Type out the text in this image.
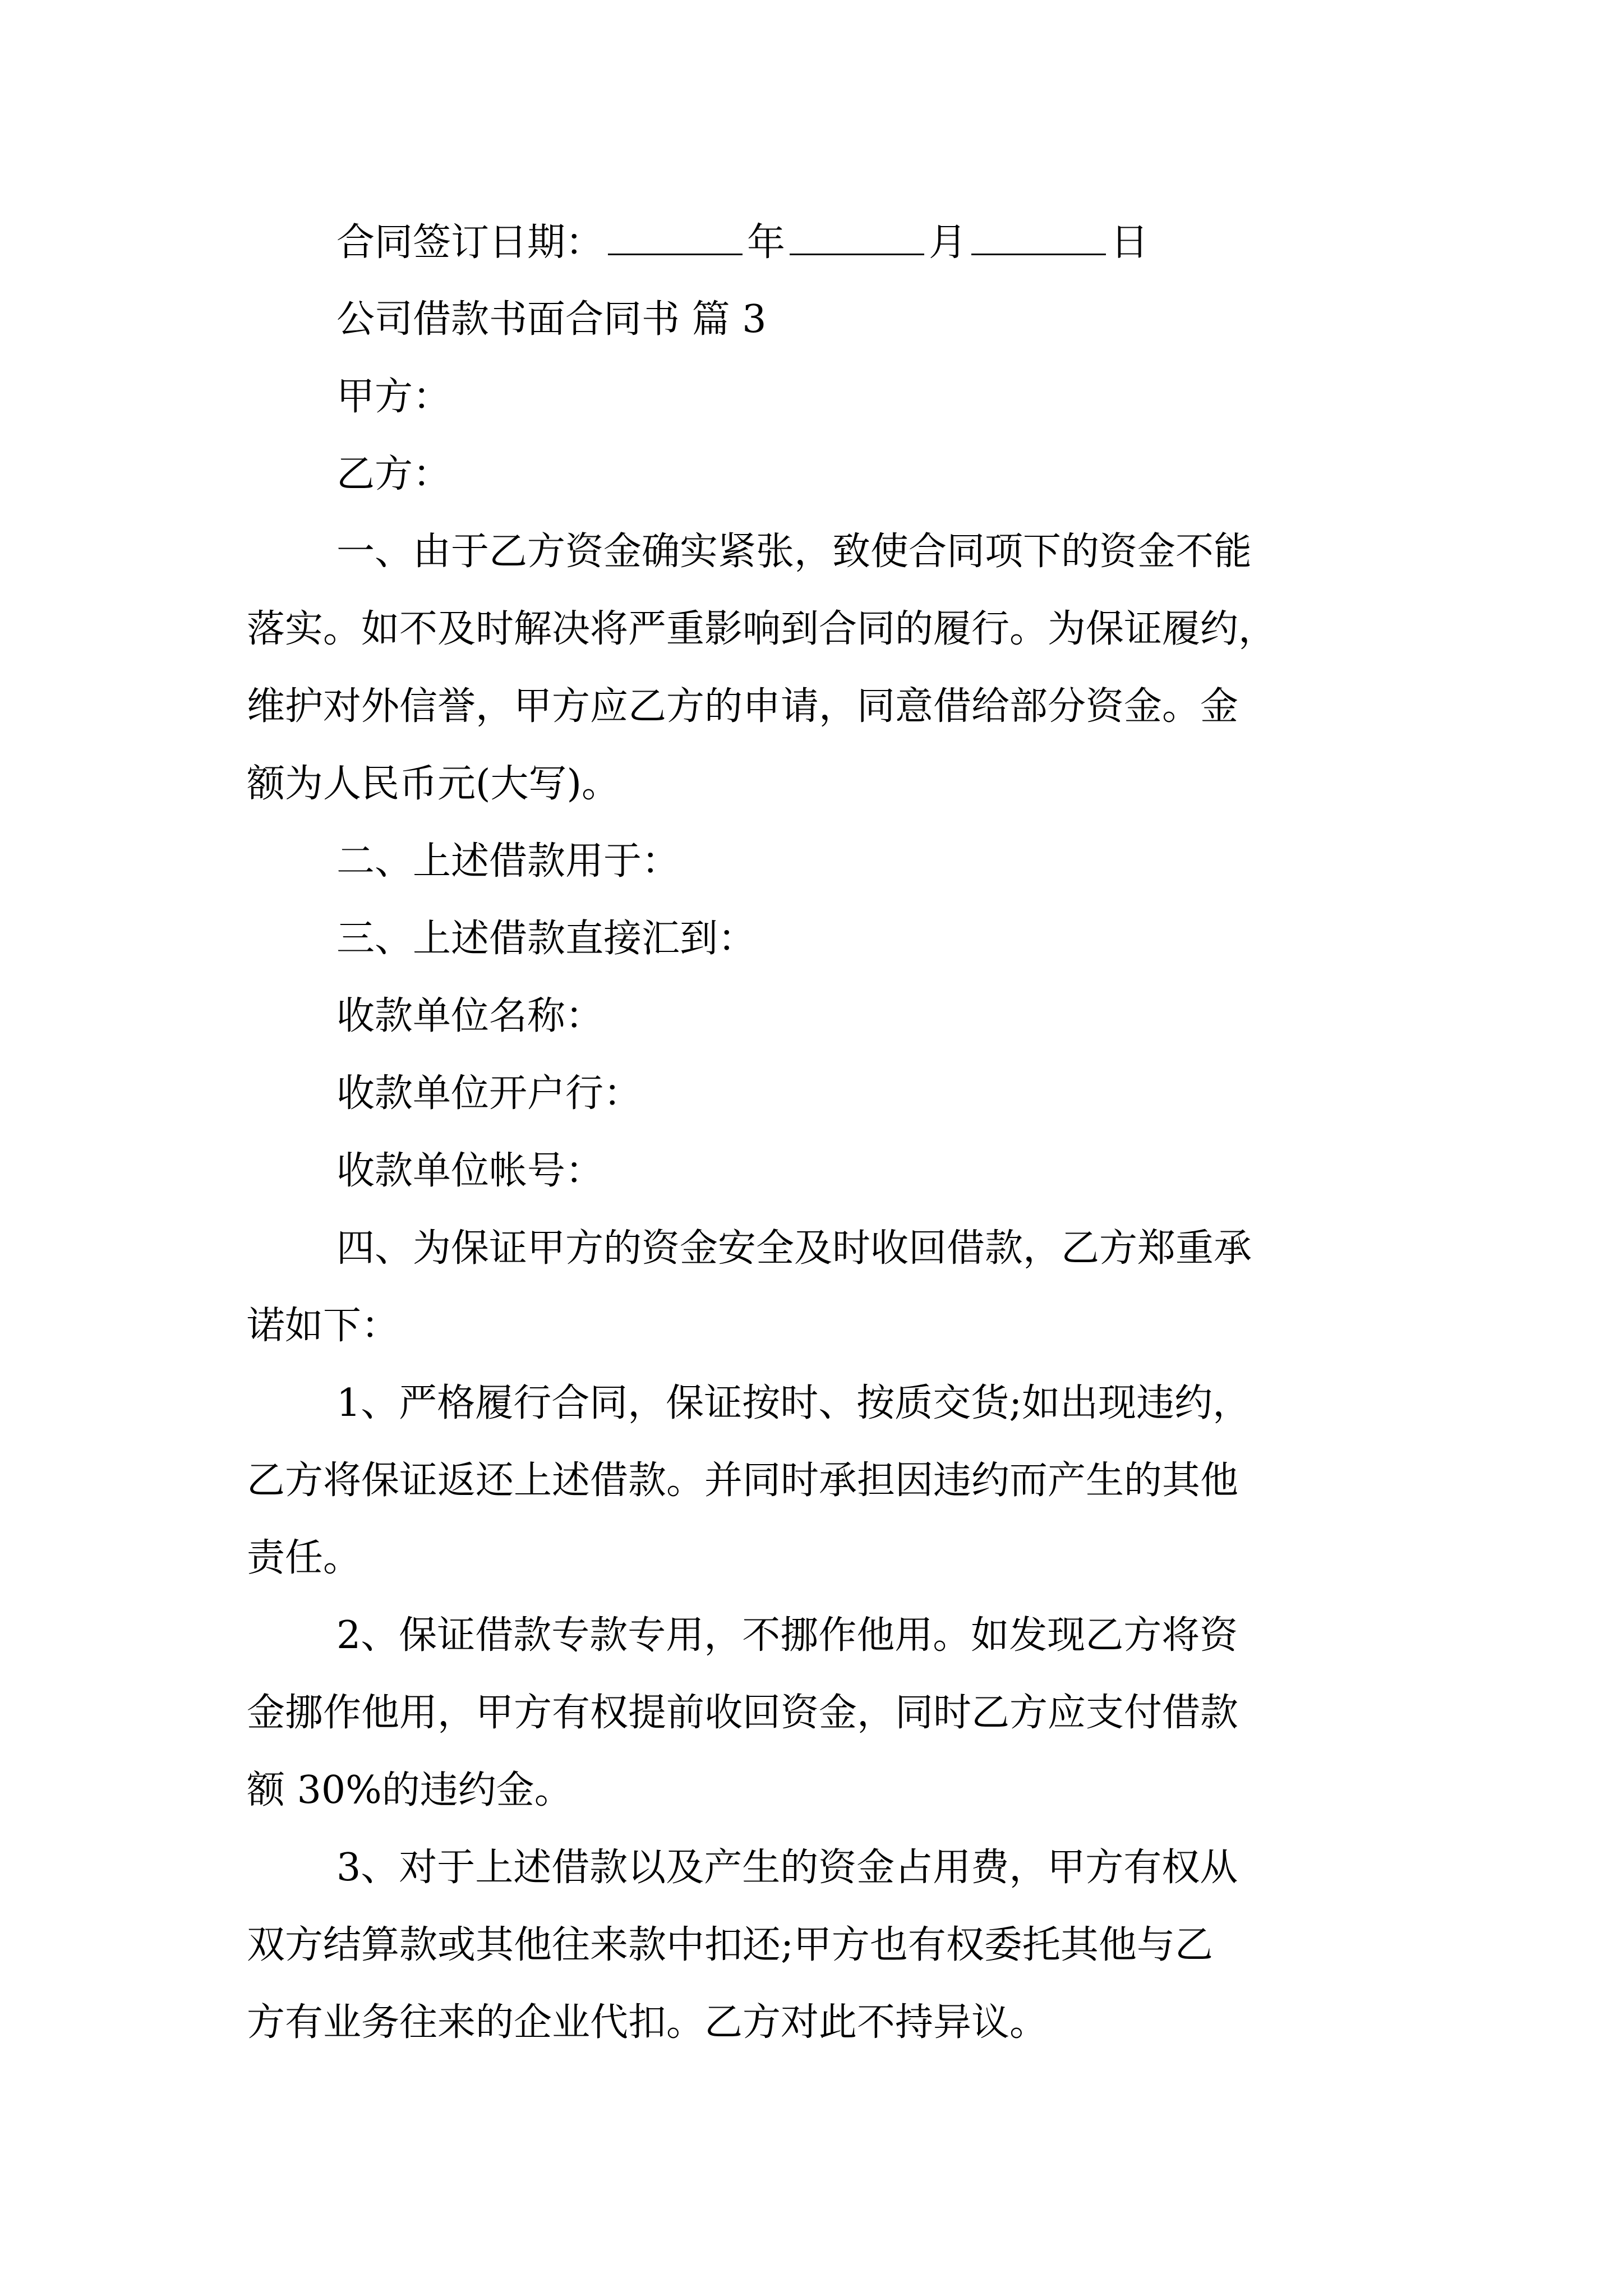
合同签订日期：	年	月	日
公司借款书面合同书 篇 3
甲方：
乙方：
一、由于乙方资金确实紧张，致使合同项下的资金不能
落实。如不及时解决将严重影响到合同的履行。为保证履约，
维护对外信誉，甲方应乙方的申请，同意借给部分资金。金
额为人民币元(大写)。
二、上述借款用于：
三、上述借款直接汇到：
收款单位名称：
收款单位开户行：
收款单位帐号：
四、为保证甲方的资金安全及时收回借款，乙方郑重承
诺如下：
1、严格履行合同，保证按时、按质交货;如出现违约，
乙方将保证返还上述借款。并同时承担因违约而产生的其他
责任。
2、保证借款专款专用，不挪作他用。如发现乙方将资
金挪作他用，甲方有权提前收回资金，同时乙方应支付借款
额 30%的违约金。
3、对于上述借款以及产生的资金占用费，甲方有权从
双方结算款或其他往来款中扣还;甲方也有权委托其他与乙
方有业务往来的企业代扣。乙方对此不持异议。
